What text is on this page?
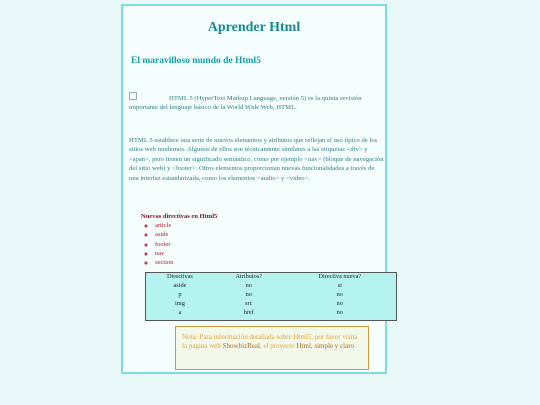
Aprender Html
El maravilloso mundo de Html5

HTML 5 (HyperText Markup Language, versión 5) es la quinta revisión importante del lenguaje básico de la World Wide Web, HTML.

HTML 5 establece una serie de nuevos elementos y atributos que reflejan el uso típico de los sitios web modernos. Algunos de ellos son técnicamente similares a las etiquetas <div> y <span>, pero tienen un significado semántico, como por ejemplo <nav> (bloque de navegación del sitio web) y <footer>. Otros elementos proporcionan nuevas funcionalidades a través de una interfaz estandarizada, como los elementos <audio> y <video>.

Nuevas directivas en Html5
◦ article
◦ aside
◦ footer
◦ nav
◦ section
Directivas	Atributos?	Directiva nueva?
aside	no	si
p	no	no
img	src	no
a	href	no
Nota: Para información detallada sobre Html5, por favor visita la pagina web ShowbizReal, el proyecto Html, simple y claro
